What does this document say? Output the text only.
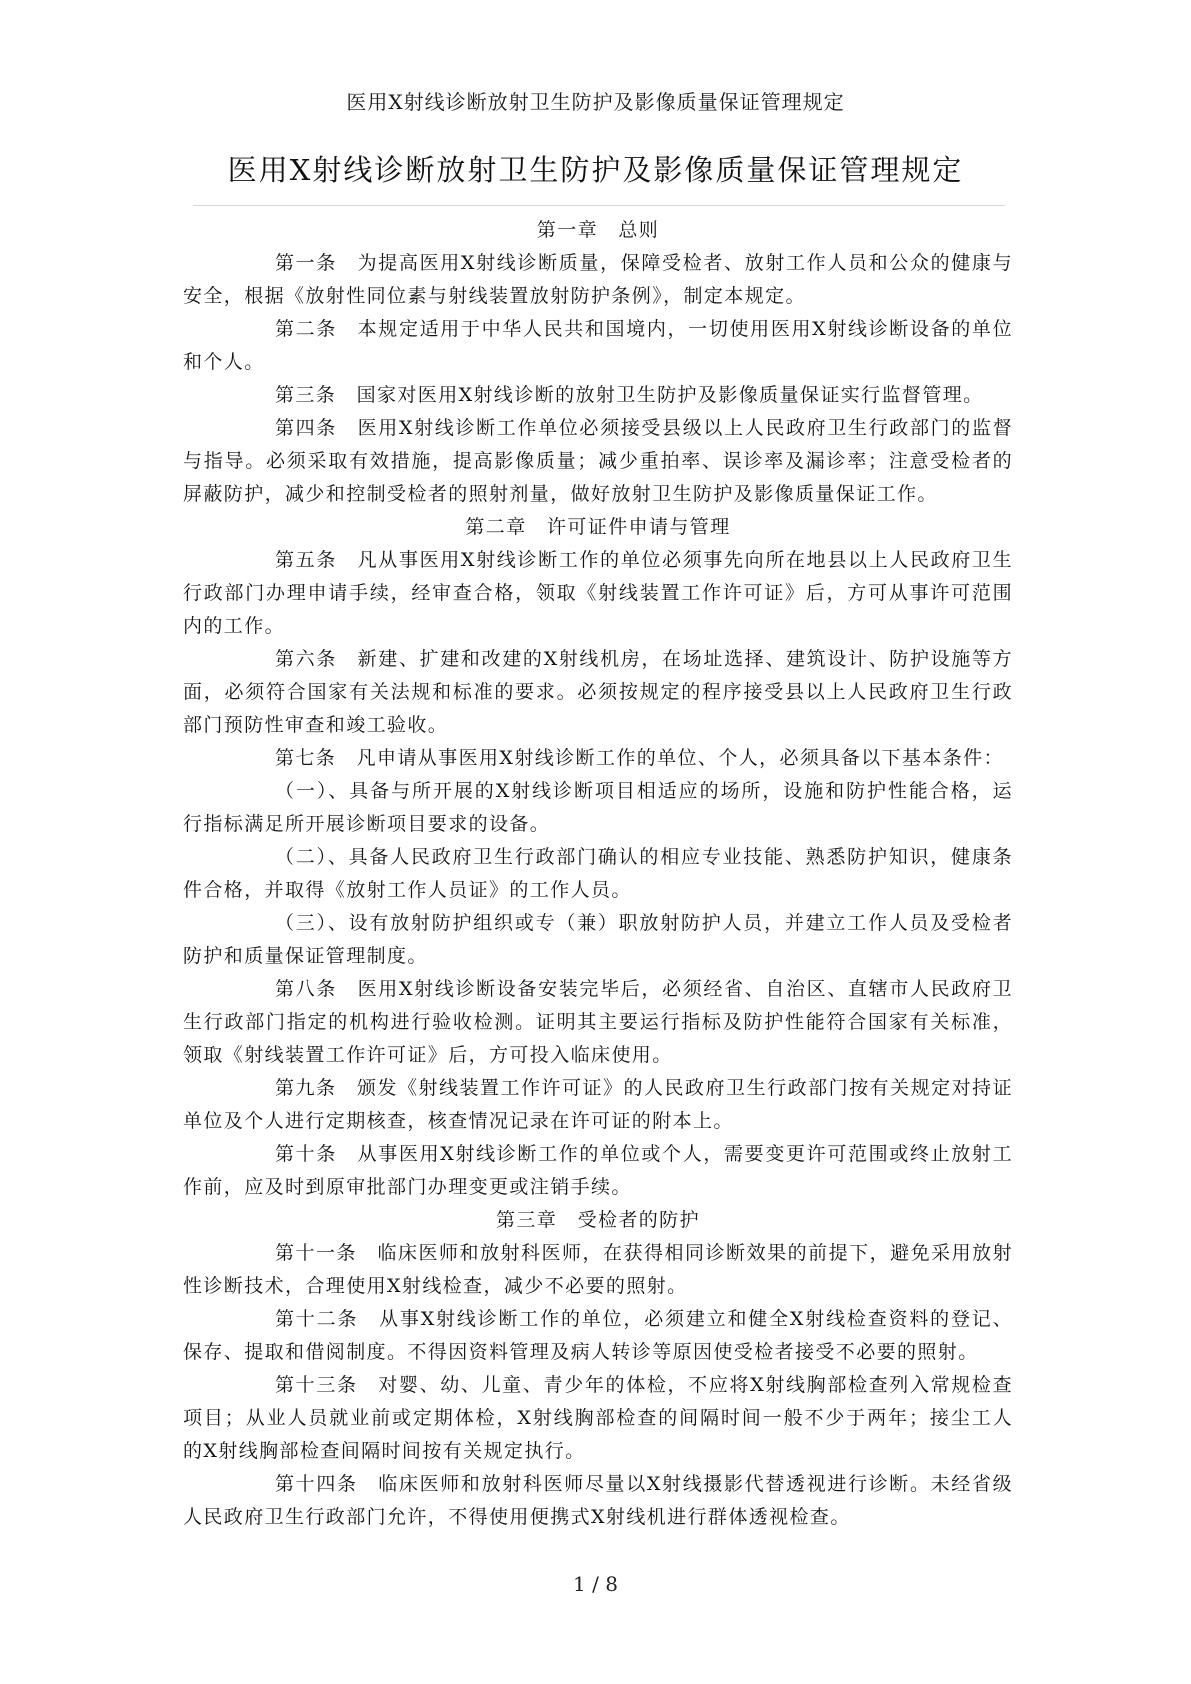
医用X射线诊断放射卫生防护及影像质量保证管理规定
医用X射线诊断放射卫生防护及影像质量保证管理规定

第一章　总则

第一条　为提高医用X射线诊断质量，保障受检者、放射工作人员和公众的健康与安全，根据《放射性同位素与射线装置放射防护条例》，制定本规定。

第二条　本规定适用于中华人民共和国境内，一切使用医用X射线诊断设备的单位和个人。

第三条　国家对医用X射线诊断的放射卫生防护及影像质量保证实行监督管理。

第四条　医用X射线诊断工作单位必须接受县级以上人民政府卫生行政部门的监督与指导。必须采取有效措施，提高影像质量；减少重拍率、误诊率及漏诊率；注意受检者的屏蔽防护，减少和控制受检者的照射剂量，做好放射卫生防护及影像质量保证工作。

第二章　许可证件申请与管理

第五条　凡从事医用X射线诊断工作的单位必须事先向所在地县以上人民政府卫生行政部门办理申请手续，经审查合格，领取《射线装置工作许可证》后，方可从事许可范围内的工作。

第六条　新建、扩建和改建的X射线机房，在场址选择、建筑设计、防护设施等方面，必须符合国家有关法规和标准的要求。必须按规定的程序接受县以上人民政府卫生行政部门预防性审查和竣工验收。

第七条　凡申请从事医用X射线诊断工作的单位、个人，必须具备以下基本条件：

（一）、具备与所开展的X射线诊断项目相适应的场所，设施和防护性能合格，运行指标满足所开展诊断项目要求的设备。

（二）、具备人民政府卫生行政部门确认的相应专业技能、熟悉防护知识，健康条件合格，并取得《放射工作人员证》的工作人员。

（三）、设有放射防护组织或专（兼）职放射防护人员，并建立工作人员及受检者防护和质量保证管理制度。

第八条　医用X射线诊断设备安装完毕后，必须经省、自治区、直辖市人民政府卫生行政部门指定的机构进行验收检测。证明其主要运行指标及防护性能符合国家有关标准，领取《射线装置工作许可证》后，方可投入临床使用。

第九条　颁发《射线装置工作许可证》的人民政府卫生行政部门按有关规定对持证单位及个人进行定期核查，核查情况记录在许可证的附本上。

第十条　从事医用X射线诊断工作的单位或个人，需要变更许可范围或终止放射工作前，应及时到原审批部门办理变更或注销手续。

第三章　受检者的防护

第十一条　临床医师和放射科医师，在获得相同诊断效果的前提下，避免采用放射性诊断技术，合理使用X射线检查，减少不必要的照射。

第十二条　从事X射线诊断工作的单位，必须建立和健全X射线检查资料的登记、保存、提取和借阅制度。不得因资料管理及病人转诊等原因使受检者接受不必要的照射。

第十三条　对婴、幼、儿童、青少年的体检，不应将X射线胸部检查列入常规检查项目；从业人员就业前或定期体检，X射线胸部检查的间隔时间一般不少于两年；接尘工人的X射线胸部检查间隔时间按有关规定执行。

第十四条　临床医师和放射科医师尽量以X射线摄影代替透视进行诊断。未经省级人民政府卫生行政部门允许，不得使用便携式X射线机进行群体透视检查。

1 / 8
